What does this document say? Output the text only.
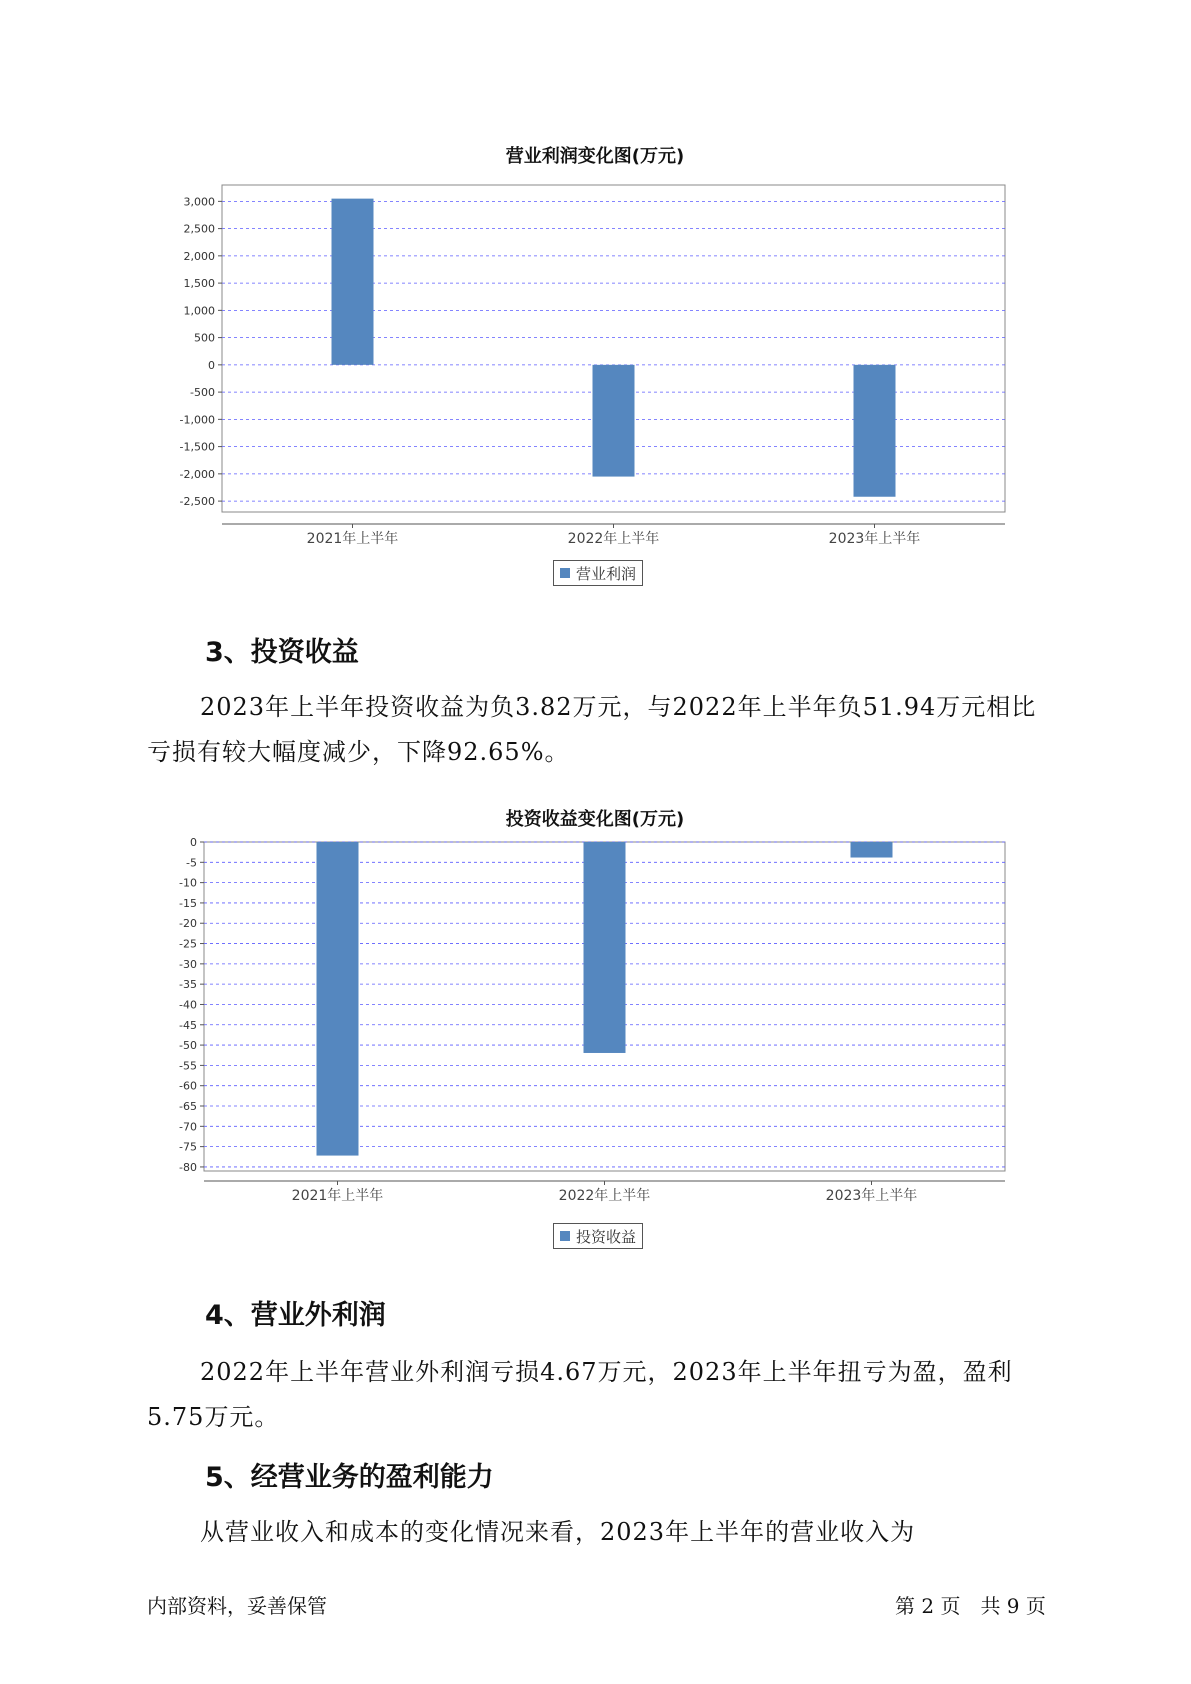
营业利润变化图(万元)
3,000
2,500
2,000
1,500
1,000
500
0
-500
-1,000
-1,500
-2,000
-2,500
2021年上半年	2022年上半年	2023年上半年
营业利润
3、投资收益
2023年上半年投资收益为负3.82万元，与2022年上半年负51.94万元相比亏损有较大幅度减少，下降92.65%。
投资收益变化图(万元)
0
-5
-10
-15
-20
-25
-30
-35
-40
-45
-50
-55
-60
-65
-70
-75
-80
2021年上半年	2022年上半年	2023年上半年
投资收益
4、营业外利润
2022年上半年营业外利润亏损4.67万元，2023年上半年扭亏为盈，盈利5.75万元。
5、经营业务的盈利能力
从营业收入和成本的变化情况来看，2023年上半年的营业收入为
内部资料，妥善保管	第 2 页　共 9 页
